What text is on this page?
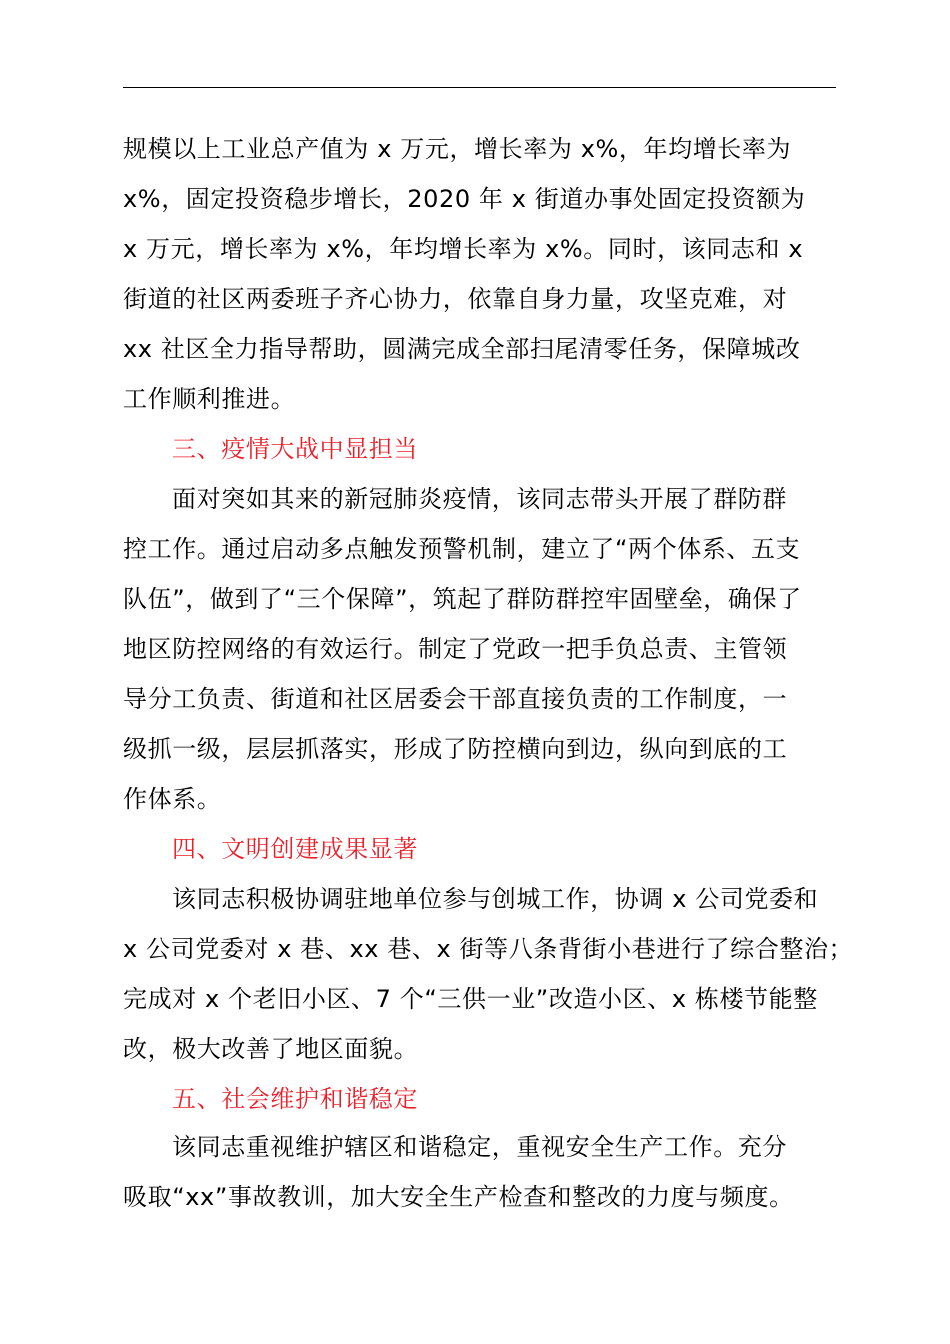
规模以上工业总产值为 x 万元，增长率为 x%，年均增长率为
x%，固定投资稳步增长，2020 年 x 街道办事处固定投资额为
x 万元，增长率为 x%，年均增长率为 x%。同时，该同志和 x
街道的社区两委班子齐心协力，依靠自身力量，攻坚克难，对
xx 社区全力指导帮助，圆满完成全部扫尾清零任务，保障城改
工作顺利推进。
三、疫情大战中显担当
面对突如其来的新冠肺炎疫情，该同志带头开展了群防群
控工作。通过启动多点触发预警机制，建立了“两个体系、五支
队伍”，做到了“三个保障”，筑起了群防群控牢固壁垒，确保了
地区防控网络的有效运行。制定了党政一把手负总责、主管领
导分工负责、街道和社区居委会干部直接负责的工作制度，一
级抓一级，层层抓落实，形成了防控横向到边，纵向到底的工
作体系。
四、文明创建成果显著
该同志积极协调驻地单位参与创城工作，协调 x 公司党委和
x 公司党委对 x 巷、xx 巷、x 街等八条背街小巷进行了综合整治；
完成对 x 个老旧小区、7 个“三供一业”改造小区、x 栋楼节能整
改，极大改善了地区面貌。
五、社会维护和谐稳定
该同志重视维护辖区和谐稳定，重视安全生产工作。充分
吸取“xx”事故教训，加大安全生产检查和整改的力度与频度。
